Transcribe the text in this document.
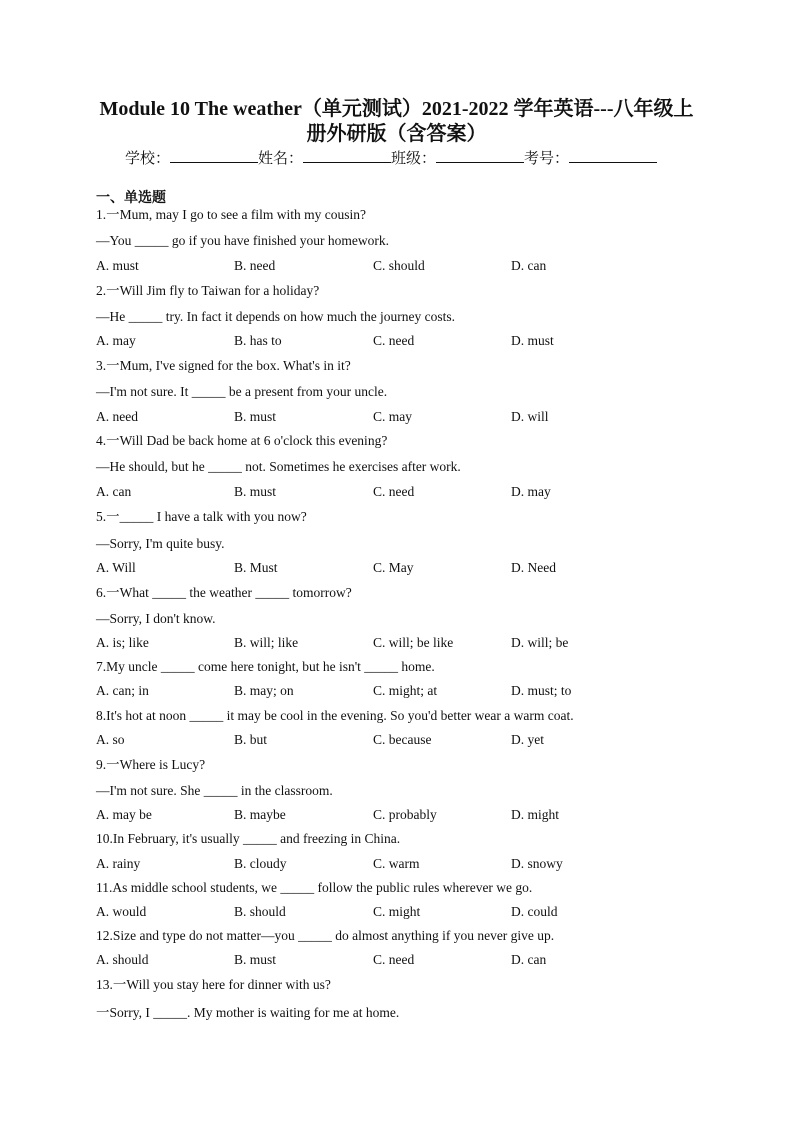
Module 10 The weather（单元测试）2021-2022 学年英语---八年级上
册外研版（含答案）
学校：	姓名：	班级：	考号：
一、单选题
1.一Mum, may I go to see a film with my cousin?
—You _____ go if you have finished your homework.
A. must	B. need	C. should	D. can
2.一Will Jim fly to Taiwan for a holiday?
—He _____ try. In fact it depends on how much the journey costs.
A. may	B. has to	C. need	D. must
3.一Mum, I've signed for the box. What's in it?
—I'm not sure. It _____ be a present from your uncle.
A. need	B. must	C. may	D. will
4.一Will Dad be back home at 6 o'clock this evening?
—He should, but he _____ not. Sometimes he exercises after work.
A. can	B. must	C. need	D. may
5.一_____ I have a talk with you now?
—Sorry, I'm quite busy.
A. Will	B. Must	C. May	D. Need
6.一What _____ the weather _____ tomorrow?
—Sorry, I don't know.
A. is; like	B. will; like	C. will; be like	D. will; be
7.My uncle _____ come here tonight, but he isn't _____ home.
A. can; in	B. may; on	C. might; at	D. must; to
8.It's hot at noon _____ it may be cool in the evening. So you'd better wear a warm coat.
A. so	B. but	C. because	D. yet
9.一Where is Lucy?
—I'm not sure. She _____ in the classroom.
A. may be	B. maybe	C. probably	D. might
10.In February, it's usually _____ and freezing in China.
A. rainy	B. cloudy	C. warm	D. snowy
11.As middle school students, we _____ follow the public rules wherever we go.
A. would	B. should	C. might	D. could
12.Size and type do not matter—you _____ do almost anything if you never give up.
A. should	B. must	C. need	D. can
13.一Will you stay here for dinner with us?
一Sorry, I _____. My mother is waiting for me at home.
